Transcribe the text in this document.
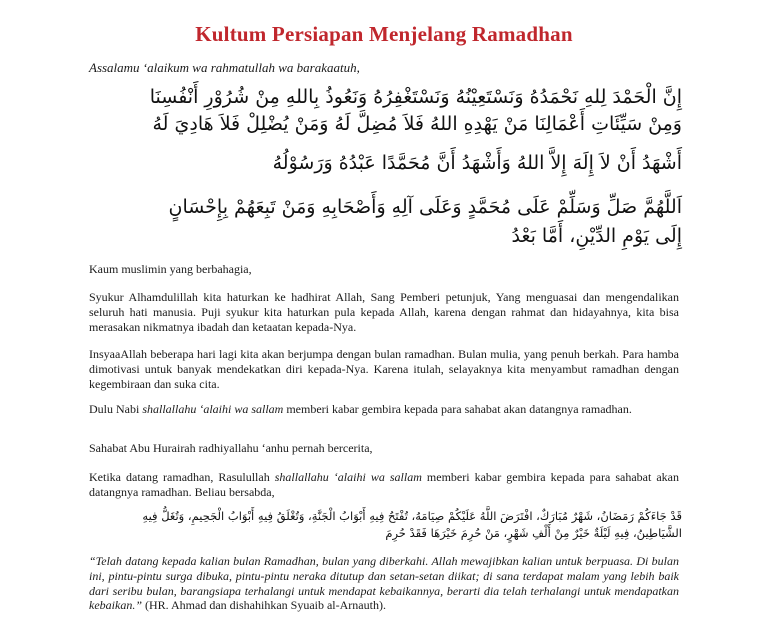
Kultum Persiapan Menjelang Ramadhan
Assalamu ‘alaikum wa rahmatullah wa barakaatuh,
إِنَّ الْحَمْدَ لِلهِ نَحْمَدُهُ وَنَسْتَعِيْنُهُ وَنَسْتَغْفِرُهُ وَنَعُوذُ بِاللهِ مِنْ شُرُوْرِ أَنْفُسِنَا
وَمِنْ سَيِّئَاتِ أَعْمَالِنَا مَنْ يَهْدِهِ اللهُ فَلاَ مُضِلَّ لَهُ وَمَنْ يُضْلِلْ فَلاَ هَادِيَ لَهُ
أَشْهَدُ أَنْ لاَ إِلَهَ إِلاَّ اللهُ وَأَشْهَدُ أَنَّ مُحَمَّدًا عَبْدُهُ وَرَسُوْلُهُ
اَللَّهُمَّ صَلِّ وَسَلِّمْ عَلَى مُحَمَّدٍ وَعَلَى آلِهِ وَأَصْحَابِهِ وَمَنْ تَبِعَهُمْ بِإِحْسَانٍ
إِلَى يَوْمِ الدِّيْنِ، أَمَّا بَعْدُ
Kaum muslimin yang berbahagia,
Syukur Alhamdulillah kita haturkan ke hadhirat Allah, Sang Pemberi petunjuk, Yang menguasai dan mengendalikan seluruh hati manusia. Puji syukur kita haturkan pula kepada Allah, karena dengan rahmat dan hidayahnya, kita bisa merasakan nikmatnya ibadah dan ketaatan kepada-Nya.
InsyaaAllah beberapa hari lagi kita akan berjumpa dengan bulan ramadhan. Bulan mulia, yang penuh berkah. Para hamba dimotivasi untuk banyak mendekatkan diri kepada-Nya. Karena itulah, selayaknya kita menyambut ramadhan dengan kegembiraan dan suka cita.
Dulu Nabi shallallahu ‘alaihi wa sallam memberi kabar gembira kepada para sahabat akan datangnya ramadhan.
Sahabat Abu Hurairah radhiyallahu ‘anhu pernah bercerita,
Ketika datang ramadhan, Rasulullah shallallahu ‘alaihi wa sallam memberi kabar gembira kepada para sahabat akan datangnya ramadhan. Beliau bersabda,
قَدْ جَاءَكُمْ رَمَضَانُ، شَهْرٌ مُبَارَكٌ، افْتَرَضَ اللَّهُ عَلَيْكُمْ صِيَامَهُ، تُفْتَحُ فِيهِ أَبْوَابُ الْجَنَّةِ، وَتُغْلَقُ فِيهِ أَبْوَابُ الْجَحِيمِ، وَتُغَلُّ فِيهِ
الشَّيَاطِينُ، فِيهِ لَيْلَةٌ خَيْرٌ مِنْ أَلْفِ شَهْرٍ، مَنْ حُرِمَ خَيْرَهَا فَقَدْ حُرِمَ
“Telah datang kepada kalian bulan Ramadhan, bulan yang diberkahi. Allah mewajibkan kalian untuk berpuasa. Di bulan ini, pintu-pintu surga dibuka, pintu-pintu neraka ditutup dan setan-setan diikat; di sana terdapat malam yang lebih baik dari seribu bulan, barangsiapa terhalangi untuk mendapat kebaikannya, berarti dia telah terhalangi untuk mendapatkan kebaikan.” (HR. Ahmad dan dishahihkan Syuaib al-Arnauth).
